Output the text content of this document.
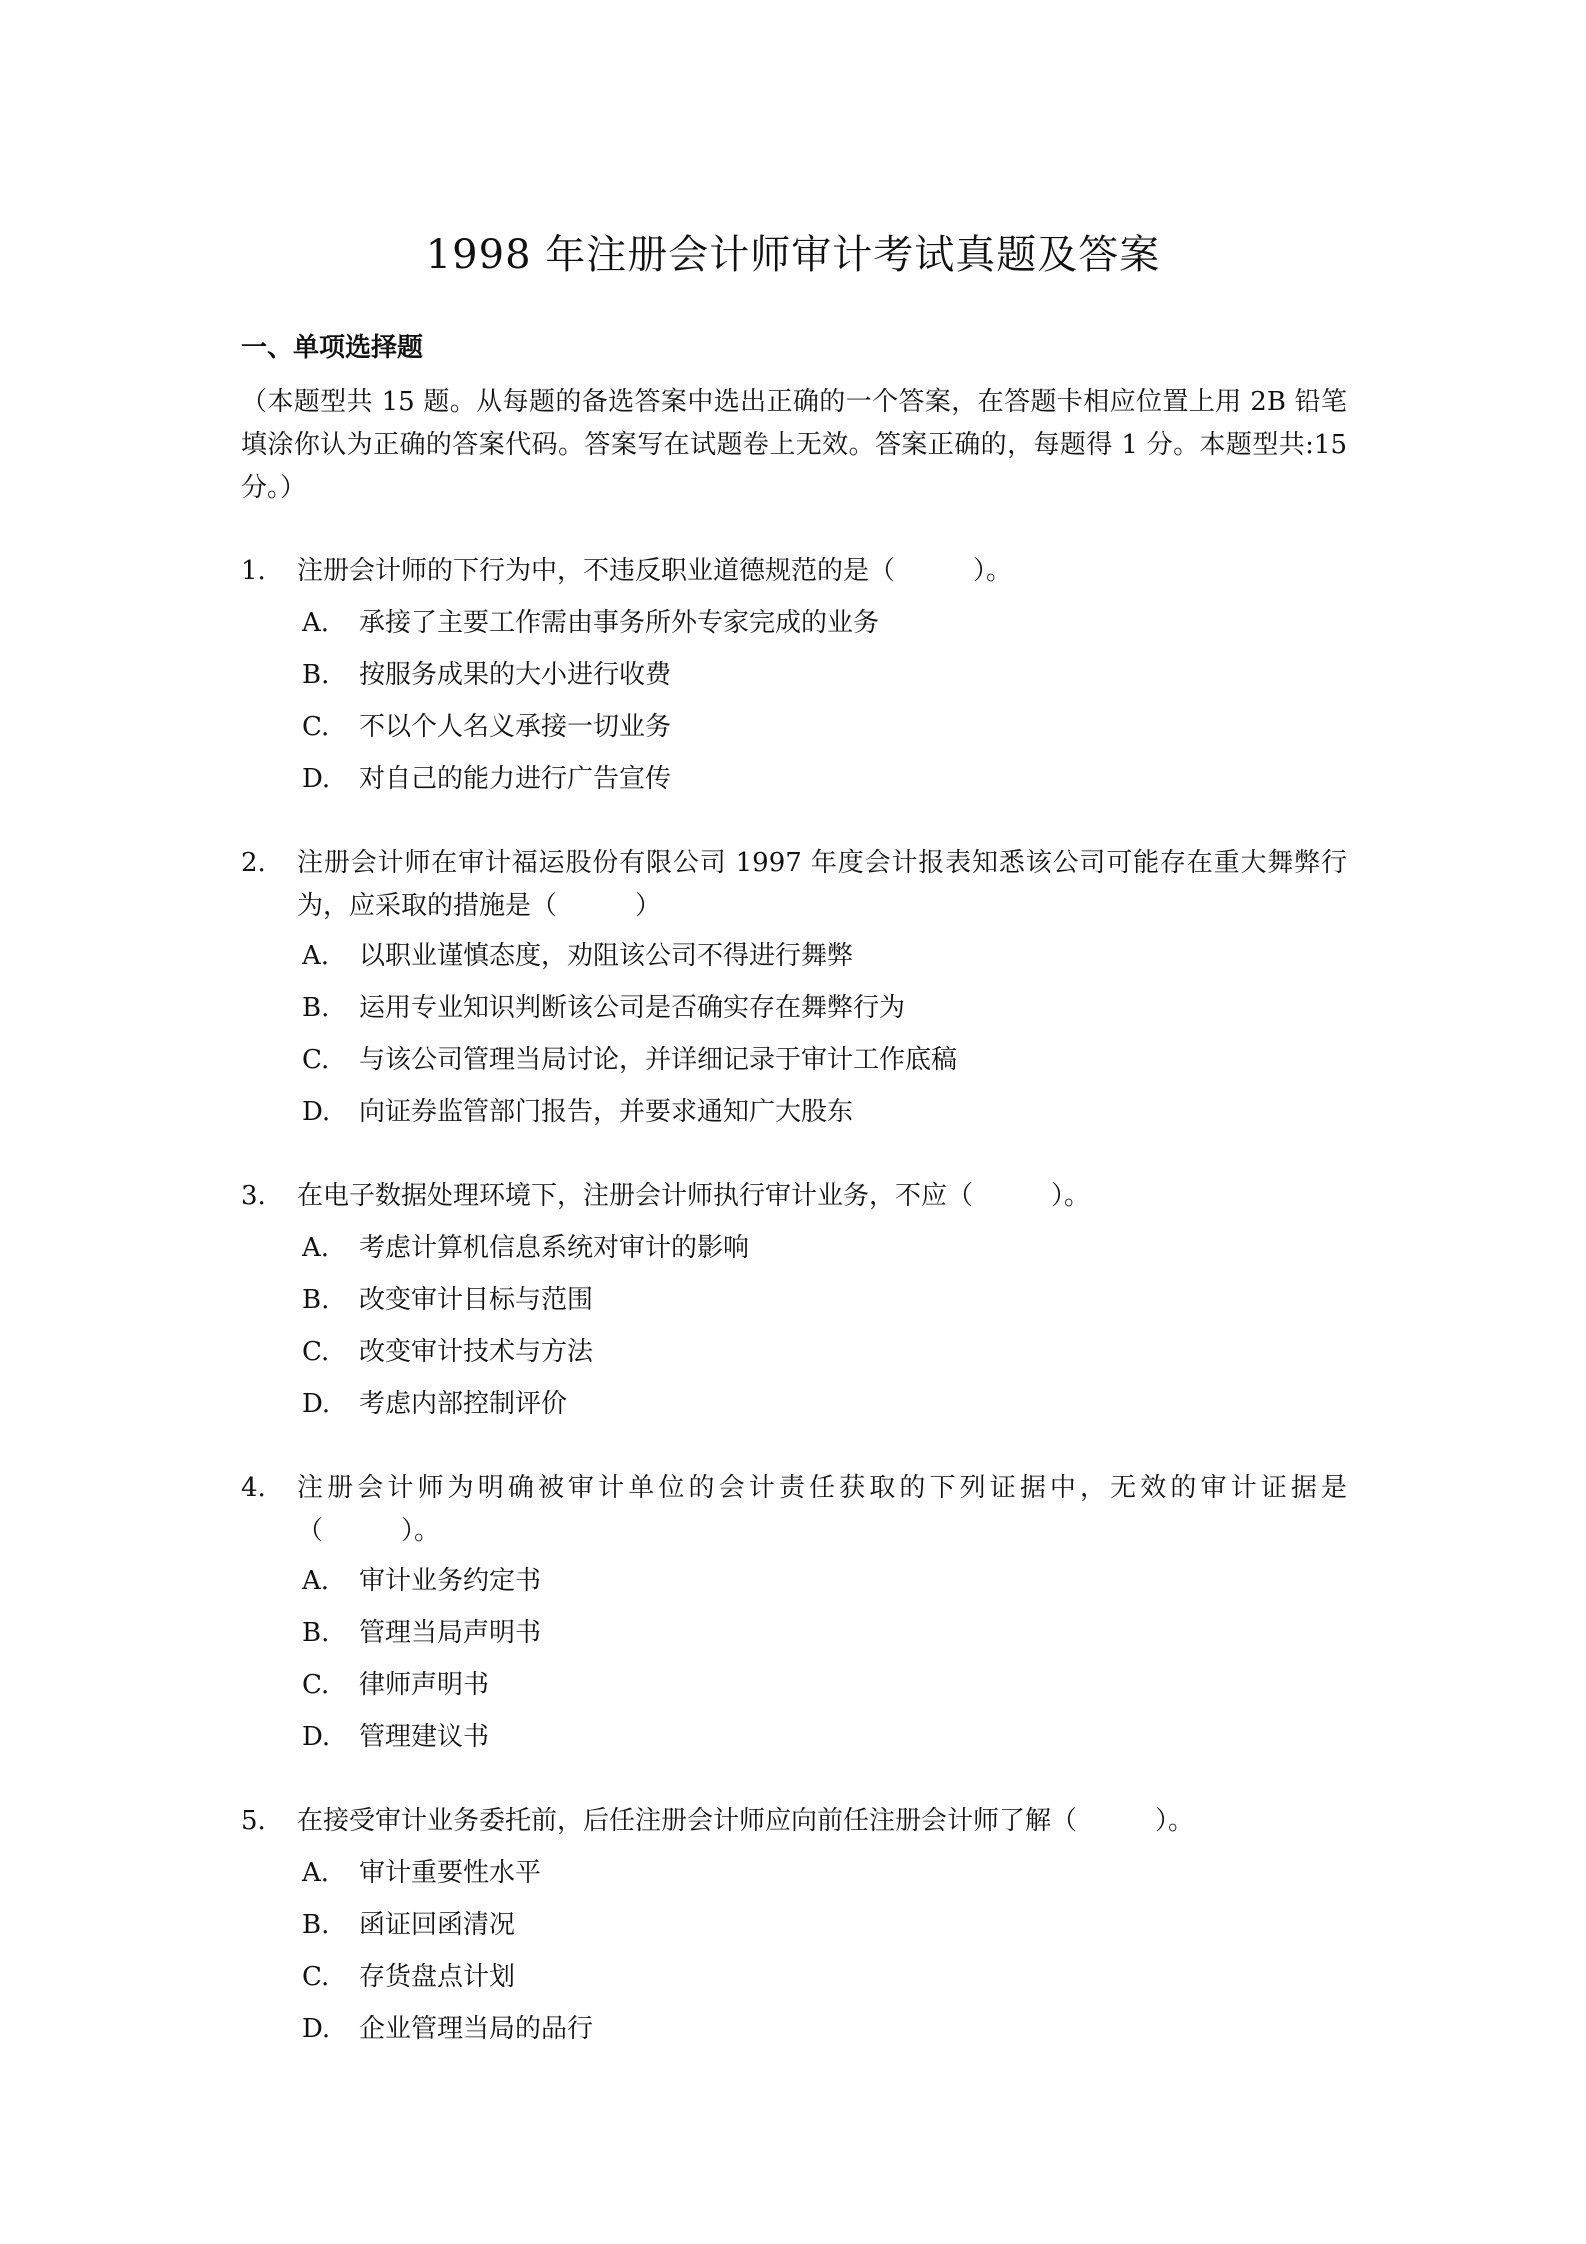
1998 年注册会计师审计考试真题及答案
一、单项选择题
（本题型共 15 题。从每题的备选答案中选出正确的一个答案，在答题卡相应位置上用 2B 铅笔填涂你认为正确的答案代码。答案写在试题卷上无效。答案正确的，每题得 1 分。本题型共:15 分。）
1. 注册会计师的下行为中，不违反职业道德规范的是（　　　）。
A. 承接了主要工作需由事务所外专家完成的业务
B. 按服务成果的大小进行收费
C. 不以个人名义承接一切业务
D. 对自己的能力进行广告宣传
2. 注册会计师在审计福运股份有限公司 1997 年度会计报表知悉该公司可能存在重大舞弊行为，应采取的措施是（　　　）
A. 以职业谨慎态度，劝阻该公司不得进行舞弊
B. 运用专业知识判断该公司是否确实存在舞弊行为
C. 与该公司管理当局讨论，并详细记录于审计工作底稿
D. 向证券监管部门报告，并要求通知广大股东
3. 在电子数据处理环境下，注册会计师执行审计业务，不应（　　　）。
A. 考虑计算机信息系统对审计的影响
B. 改变审计目标与范围
C. 改变审计技术与方法
D. 考虑内部控制评价
4. 注册会计师为明确被审计单位的会计责任获取的下列证据中，无效的审计证据是（　　　）。
A. 审计业务约定书
B. 管理当局声明书
C. 律师声明书
D. 管理建议书
5. 在接受审计业务委托前，后任注册会计师应向前任注册会计师了解（　　　）。
A. 审计重要性水平
B. 函证回函清况
C. 存货盘点计划
D. 企业管理当局的品行
